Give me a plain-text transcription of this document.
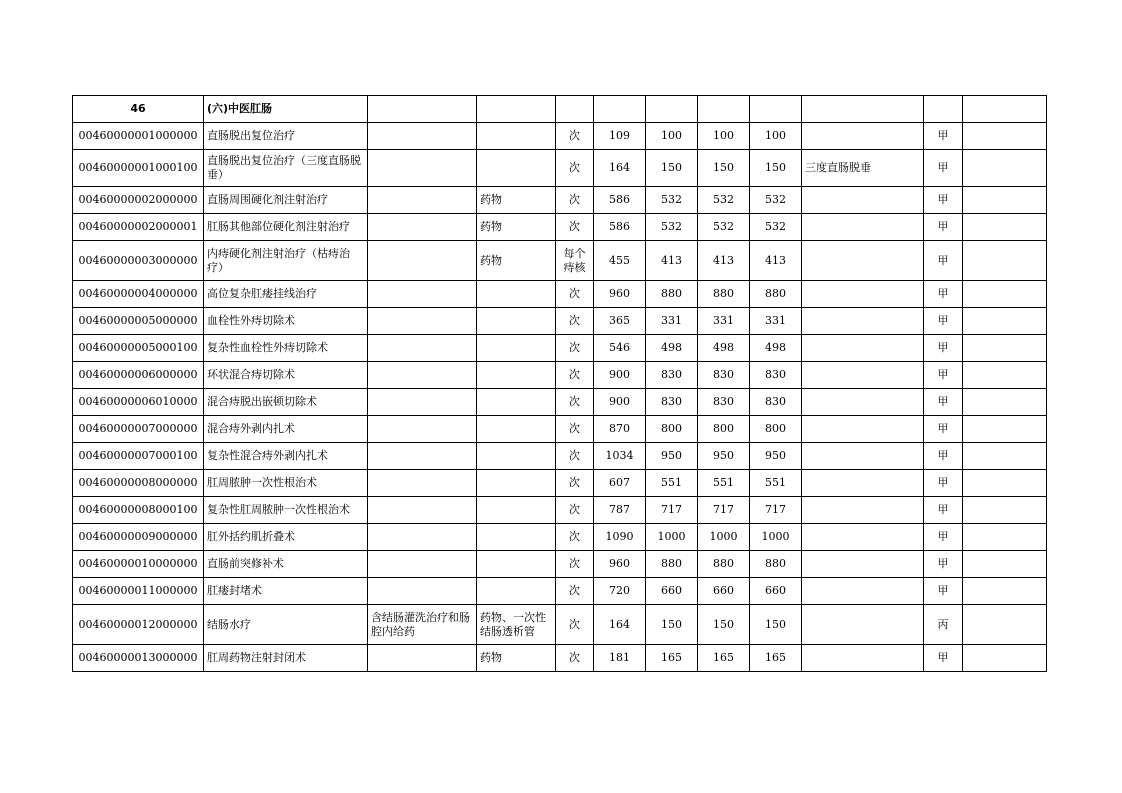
46	(六)中医肛肠										
00460000001000000	直肠脱出复位治疗			次	109	100	100	100		甲	
00460000001000100	直肠脱出复位治疗（三度直肠脱垂）			次	164	150	150	150	三度直肠脱垂	甲	
00460000002000000	直肠周围硬化剂注射治疗		药物	次	586	532	532	532		甲	
00460000002000001	肛肠其他部位硬化剂注射治疗		药物	次	586	532	532	532		甲	
00460000003000000	内痔硬化剂注射治疗（枯痔治疗）		药物	每个痔核	455	413	413	413		甲	
00460000004000000	高位复杂肛瘘挂线治疗			次	960	880	880	880		甲	
00460000005000000	血栓性外痔切除术			次	365	331	331	331		甲	
00460000005000100	复杂性血栓性外痔切除术			次	546	498	498	498		甲	
00460000006000000	环状混合痔切除术			次	900	830	830	830		甲	
00460000006010000	混合痔脱出嵌顿切除术			次	900	830	830	830		甲	
00460000007000000	混合痔外剥内扎术			次	870	800	800	800		甲	
00460000007000100	复杂性混合痔外剥内扎术			次	1034	950	950	950		甲	
00460000008000000	肛周脓肿一次性根治术			次	607	551	551	551		甲	
00460000008000100	复杂性肛周脓肿一次性根治术			次	787	717	717	717		甲	
00460000009000000	肛外括约肌折叠术			次	1090	1000	1000	1000		甲	
00460000010000000	直肠前突修补术			次	960	880	880	880		甲	
00460000011000000	肛瘘封堵术			次	720	660	660	660		甲	
00460000012000000	结肠水疗	含结肠灌洗治疗和肠腔内给药	药物、一次性结肠透析管	次	164	150	150	150		丙	
00460000013000000	肛周药物注射封闭术		药物	次	181	165	165	165		甲	
